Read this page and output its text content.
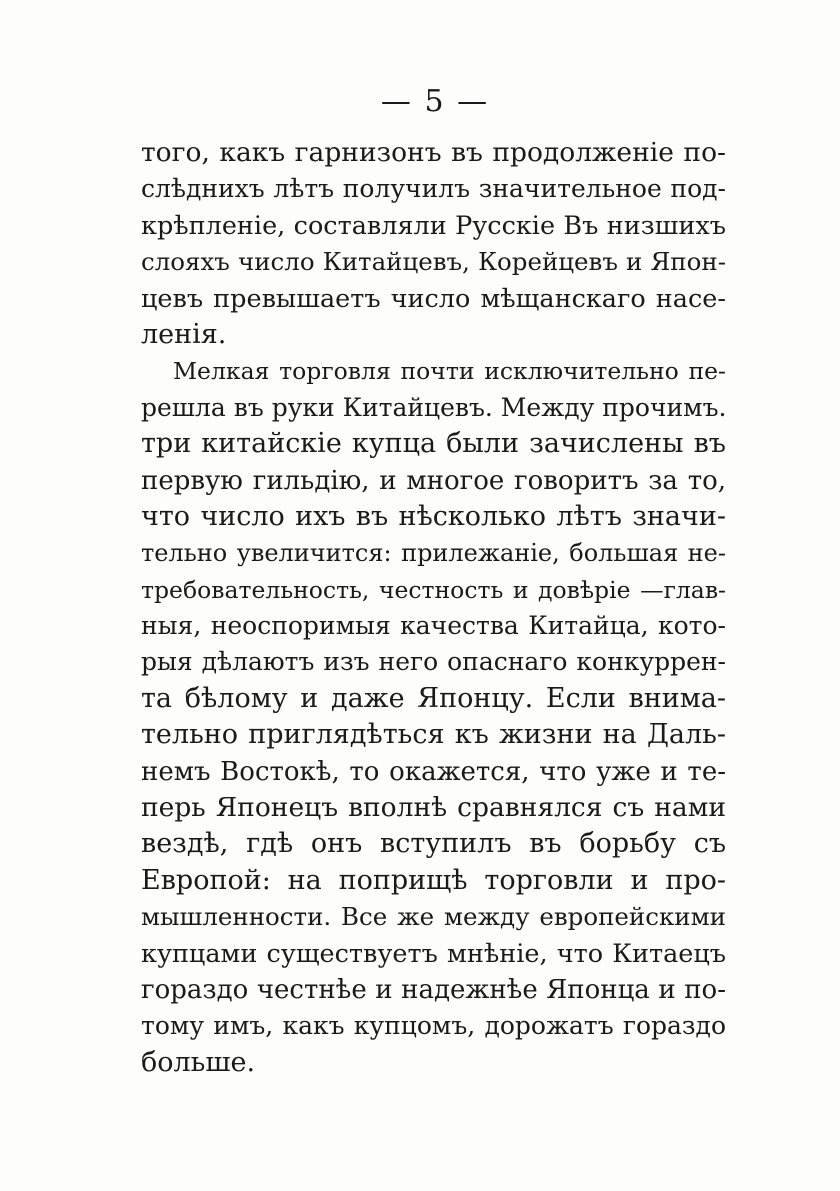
— 5 —
того, какъ гарнизонъ въ продолженіе по-
слѣднихъ лѣтъ получилъ значительное под-
крѣпленіе, составляли Русскіе Въ низшихъ
слояхъ число Китайцевъ, Корейцевъ и Япон-
цевъ превышаетъ число мѣщанскаго насе-
ленія.
Мелкая торговля почти исключительно пе-
решла въ руки Китайцевъ. Между прочимъ.
три китайскіе купца были зачислены въ
первую гильдію, и многое говоритъ за то,
что число ихъ въ нѣсколько лѣтъ значи-
тельно увеличится: прилежаніе, большая не-
требовательность, честность и довѣріе —глав-
ныя, неоспоримыя качества Китайца, кото-
рыя дѣлаютъ изъ него опаснаго конкуррен-
та бѣлому и даже Японцу. Если внима-
тельно приглядѣться къ жизни на Даль-
немъ Востокѣ, то окажется, что уже и те-
перь Японецъ вполнѣ сравнялся съ нами
вездѣ, гдѣ онъ вступилъ въ борьбу съ
Европой: на поприщѣ торговли и про-
мышленности. Все же между европейскими
купцами существуетъ мнѣніе, что Китаецъ
гораздо честнѣе и надежнѣе Японца и по-
тому имъ, какъ купцомъ, дорожатъ гораздо
больше.
